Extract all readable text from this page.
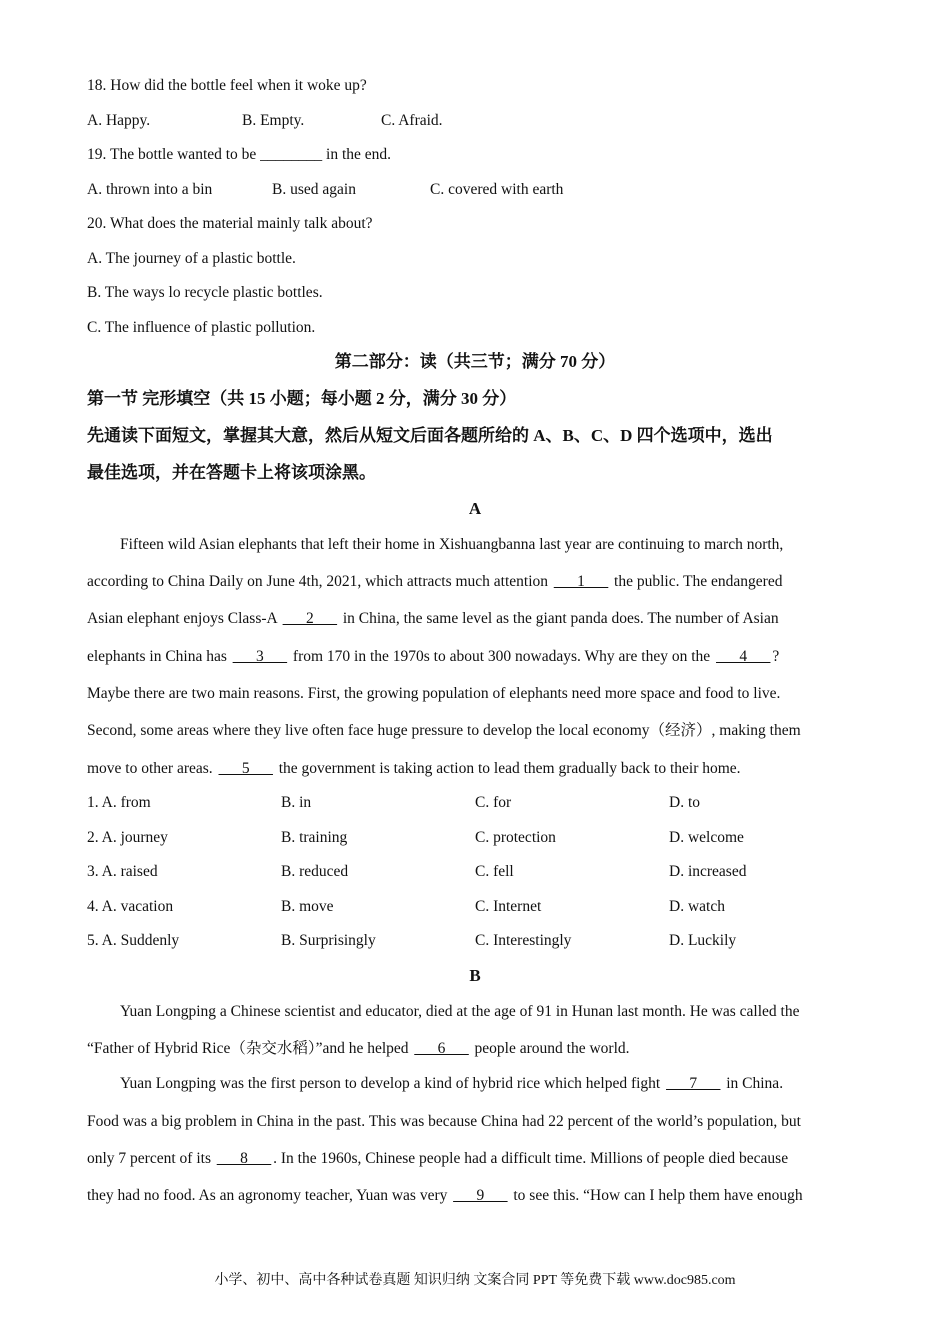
18. How did the bottle feel when it woke up?
A. Happy.	B. Empty.	C. Afraid.
19. The bottle wanted to be ________ in the end.
A. thrown into a bin	B. used again	C. covered with earth
20. What does the material mainly talk about?
A. The journey of a plastic bottle.
B. The ways lo recycle plastic bottles.
C. The influence of plastic pollution.
第二部分：读（共三节；满分 70 分）
第一节 完形填空（共 15 小题；每小题 2 分，满分 30 分）
先通读下面短文，掌握其大意，然后从短文后面各题所给的 A、B、C、D 四个选项中，选出
最佳选项，并在答题卡上将该项涂黑。
A
Fifteen wild Asian elephants that left their home in Xishuangbanna last year are continuing to march north,
according to China Daily on June 4th, 2021, which attracts much attention ___1___ the public. The endangered
Asian elephant enjoys Class-A ___2___ in China, the same level as the giant panda does. The number of Asian
elephants in China has ___3___ from 170 in the 1970s to about 300 nowadays. Why are they on the ___4___ ?
Maybe there are two main reasons. First, the growing population of elephants need more space and food to live.
Second, some areas where they live often face huge pressure to develop the local economy（经济）, making them
move to other areas. ___5___ the government is taking action to lead them gradually back to their home.
1. A. from	B. in	C. for	D. to
2. A. journey	B. training	C. protection	D. welcome
3. A. raised	B. reduced	C. fell	D. increased
4. A. vacation	B. move	C. Internet	D. watch
5. A. Suddenly	B. Surprisingly	C. Interestingly	D. Luckily
B
Yuan Longping a Chinese scientist and educator, died at the age of 91 in Hunan last month. He was called the
“Father of Hybrid Rice（杂交水稻）”and he helped ___6___ people around the world.
Yuan Longping was the first person to develop a kind of hybrid rice which helped fight ___7___ in China.
Food was a big problem in China in the past. This was because China had 22 percent of the world’s population, but
only 7 percent of its ___8___ . In the 1960s, Chinese people had a difficult time. Millions of people died because
they had no food. As an agronomy teacher, Yuan was very ___9___ to see this. “How can I help them have enough
小学、初中、高中各种试卷真题 知识归纳 文案合同 PPT 等免费下载 www.doc985.com
